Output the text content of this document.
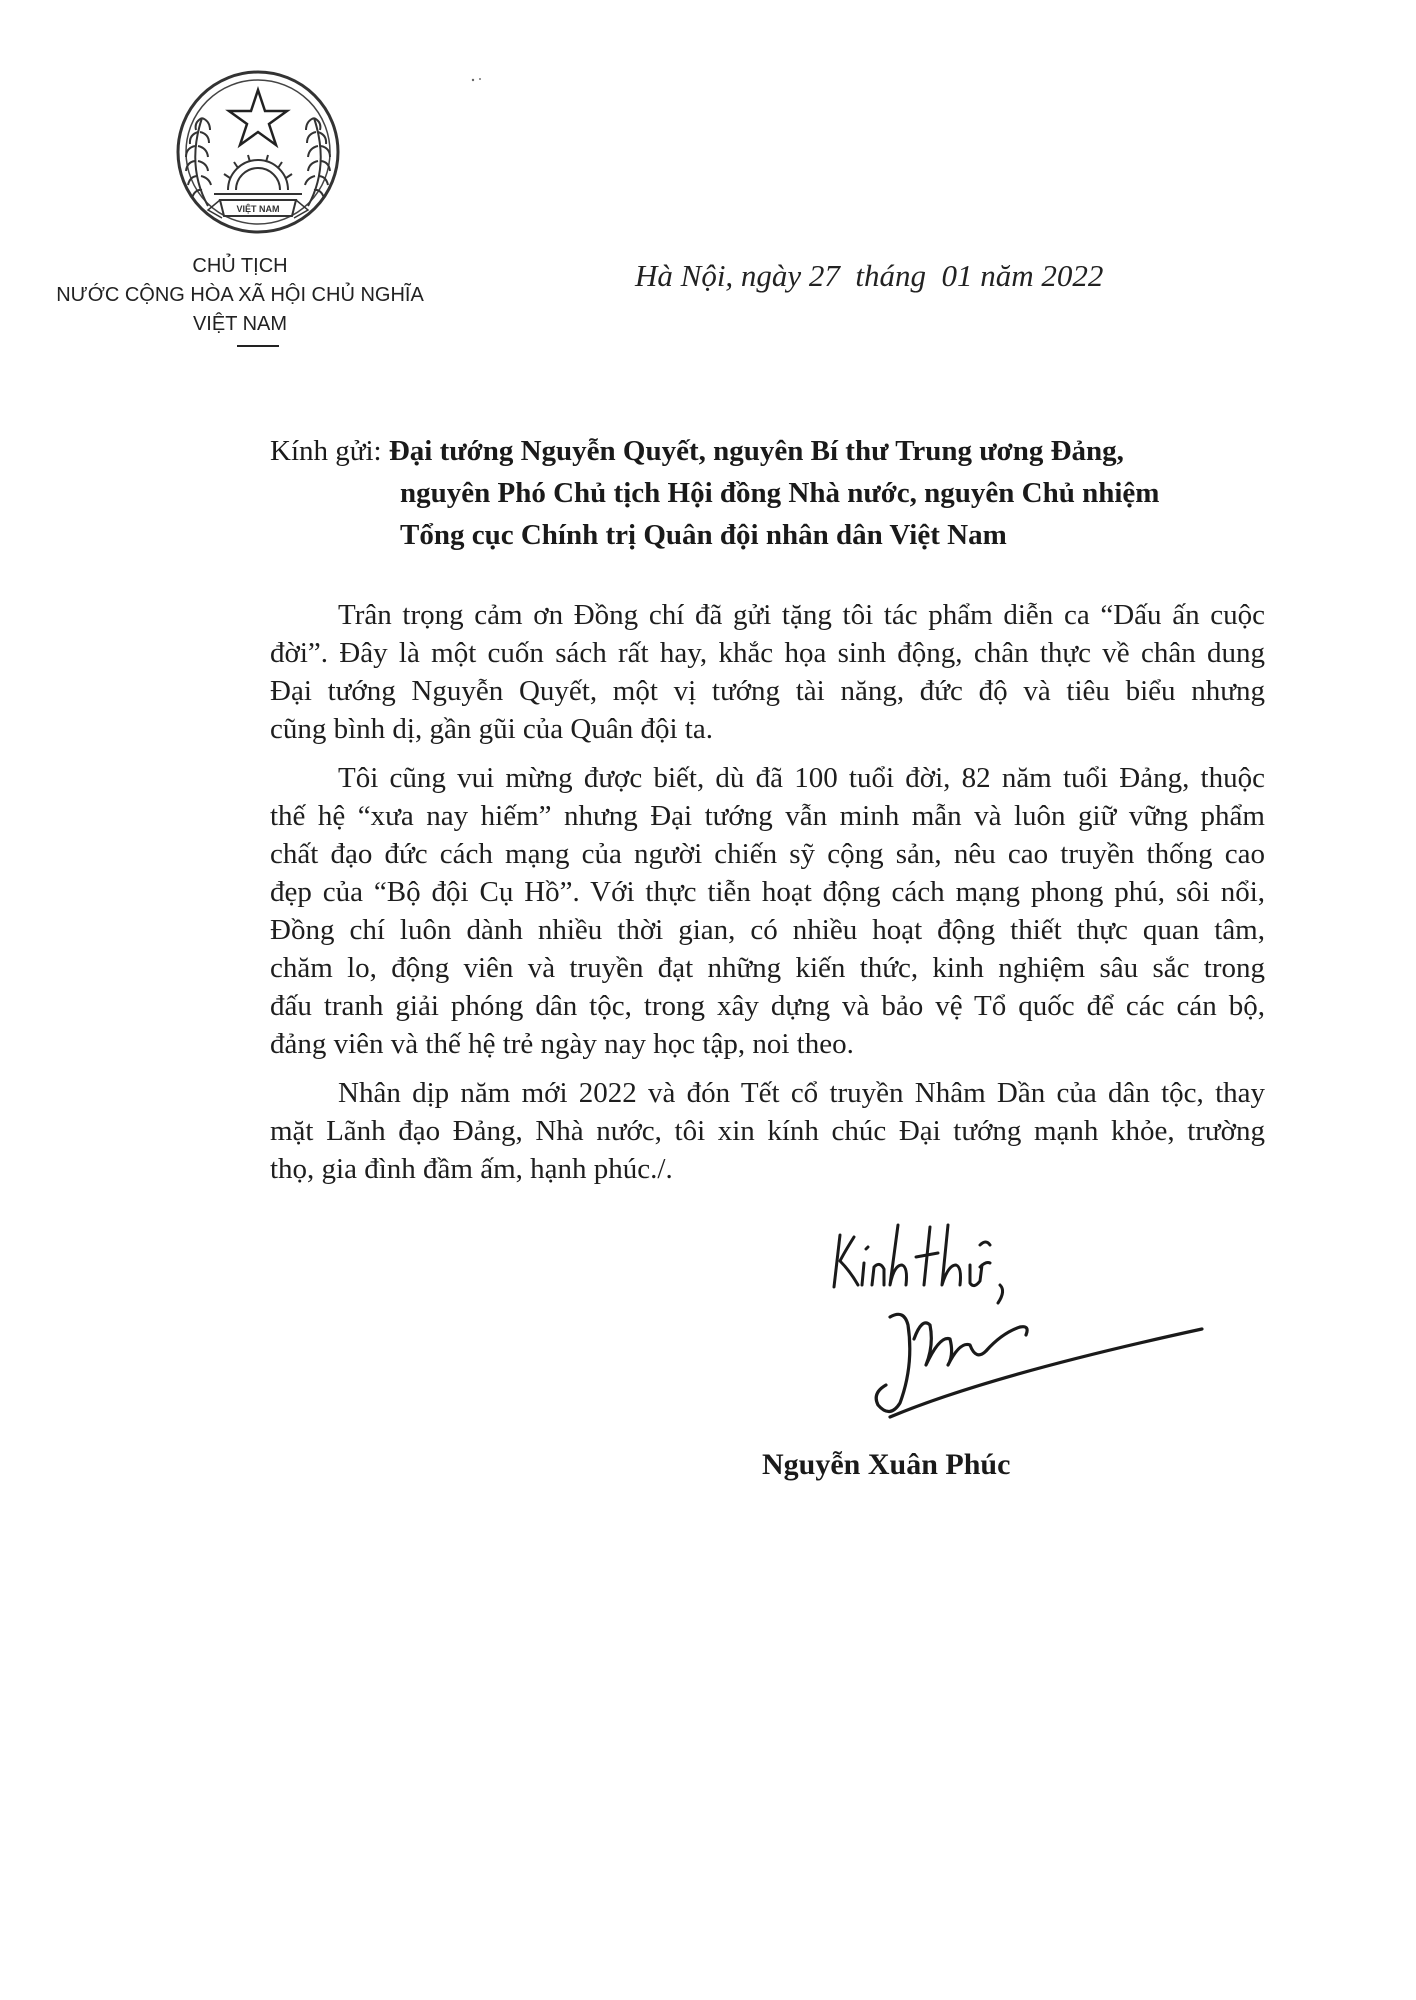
VIỆT NAM
CHỦ TỊCH
NƯỚC CỘNG HÒA XÃ HỘI CHỦ NGHĨA
VIỆT NAM
Hà Nội, ngày 27  tháng  01 năm 2022
Kính gửi: Đại tướng Nguyễn Quyết, nguyên Bí thư Trung ương Đảng,
nguyên Phó Chủ tịch Hội đồng Nhà nước, nguyên Chủ nhiệm
Tổng cục Chính trị Quân đội nhân dân Việt Nam
Trân trọng cảm ơn Đồng chí đã gửi tặng tôi tác phẩm diễn ca “Dấu ấn cuộc
đời”. Đây là một cuốn sách rất hay, khắc họa sinh động, chân thực về chân dung
Đại tướng Nguyễn Quyết, một vị tướng tài năng, đức độ và tiêu biểu nhưng
cũng bình dị, gần gũi của Quân đội ta.
Tôi cũng vui mừng được biết, dù đã 100 tuổi đời, 82 năm tuổi Đảng, thuộc
thế hệ “xưa nay hiếm” nhưng Đại tướng vẫn minh mẫn và luôn giữ vững phẩm
chất đạo đức cách mạng của người chiến sỹ cộng sản, nêu cao truyền thống cao
đẹp của “Bộ đội Cụ Hồ”. Với thực tiễn hoạt động cách mạng phong phú, sôi nổi,
Đồng chí luôn dành nhiều thời gian, có nhiều hoạt động thiết thực quan tâm,
chăm lo, động viên và truyền đạt những kiến thức, kinh nghiệm sâu sắc trong
đấu tranh giải phóng dân tộc, trong xây dựng và bảo vệ Tổ quốc để các cán bộ,
đảng viên và thế hệ trẻ ngày nay học tập, noi theo.
Nhân dịp năm mới 2022 và đón Tết cổ truyền Nhâm Dần của dân tộc, thay
mặt Lãnh đạo Đảng, Nhà nước, tôi xin kính chúc Đại tướng mạnh khỏe, trường
thọ, gia đình đầm ấm, hạnh phúc./.
Nguyễn Xuân Phúc
